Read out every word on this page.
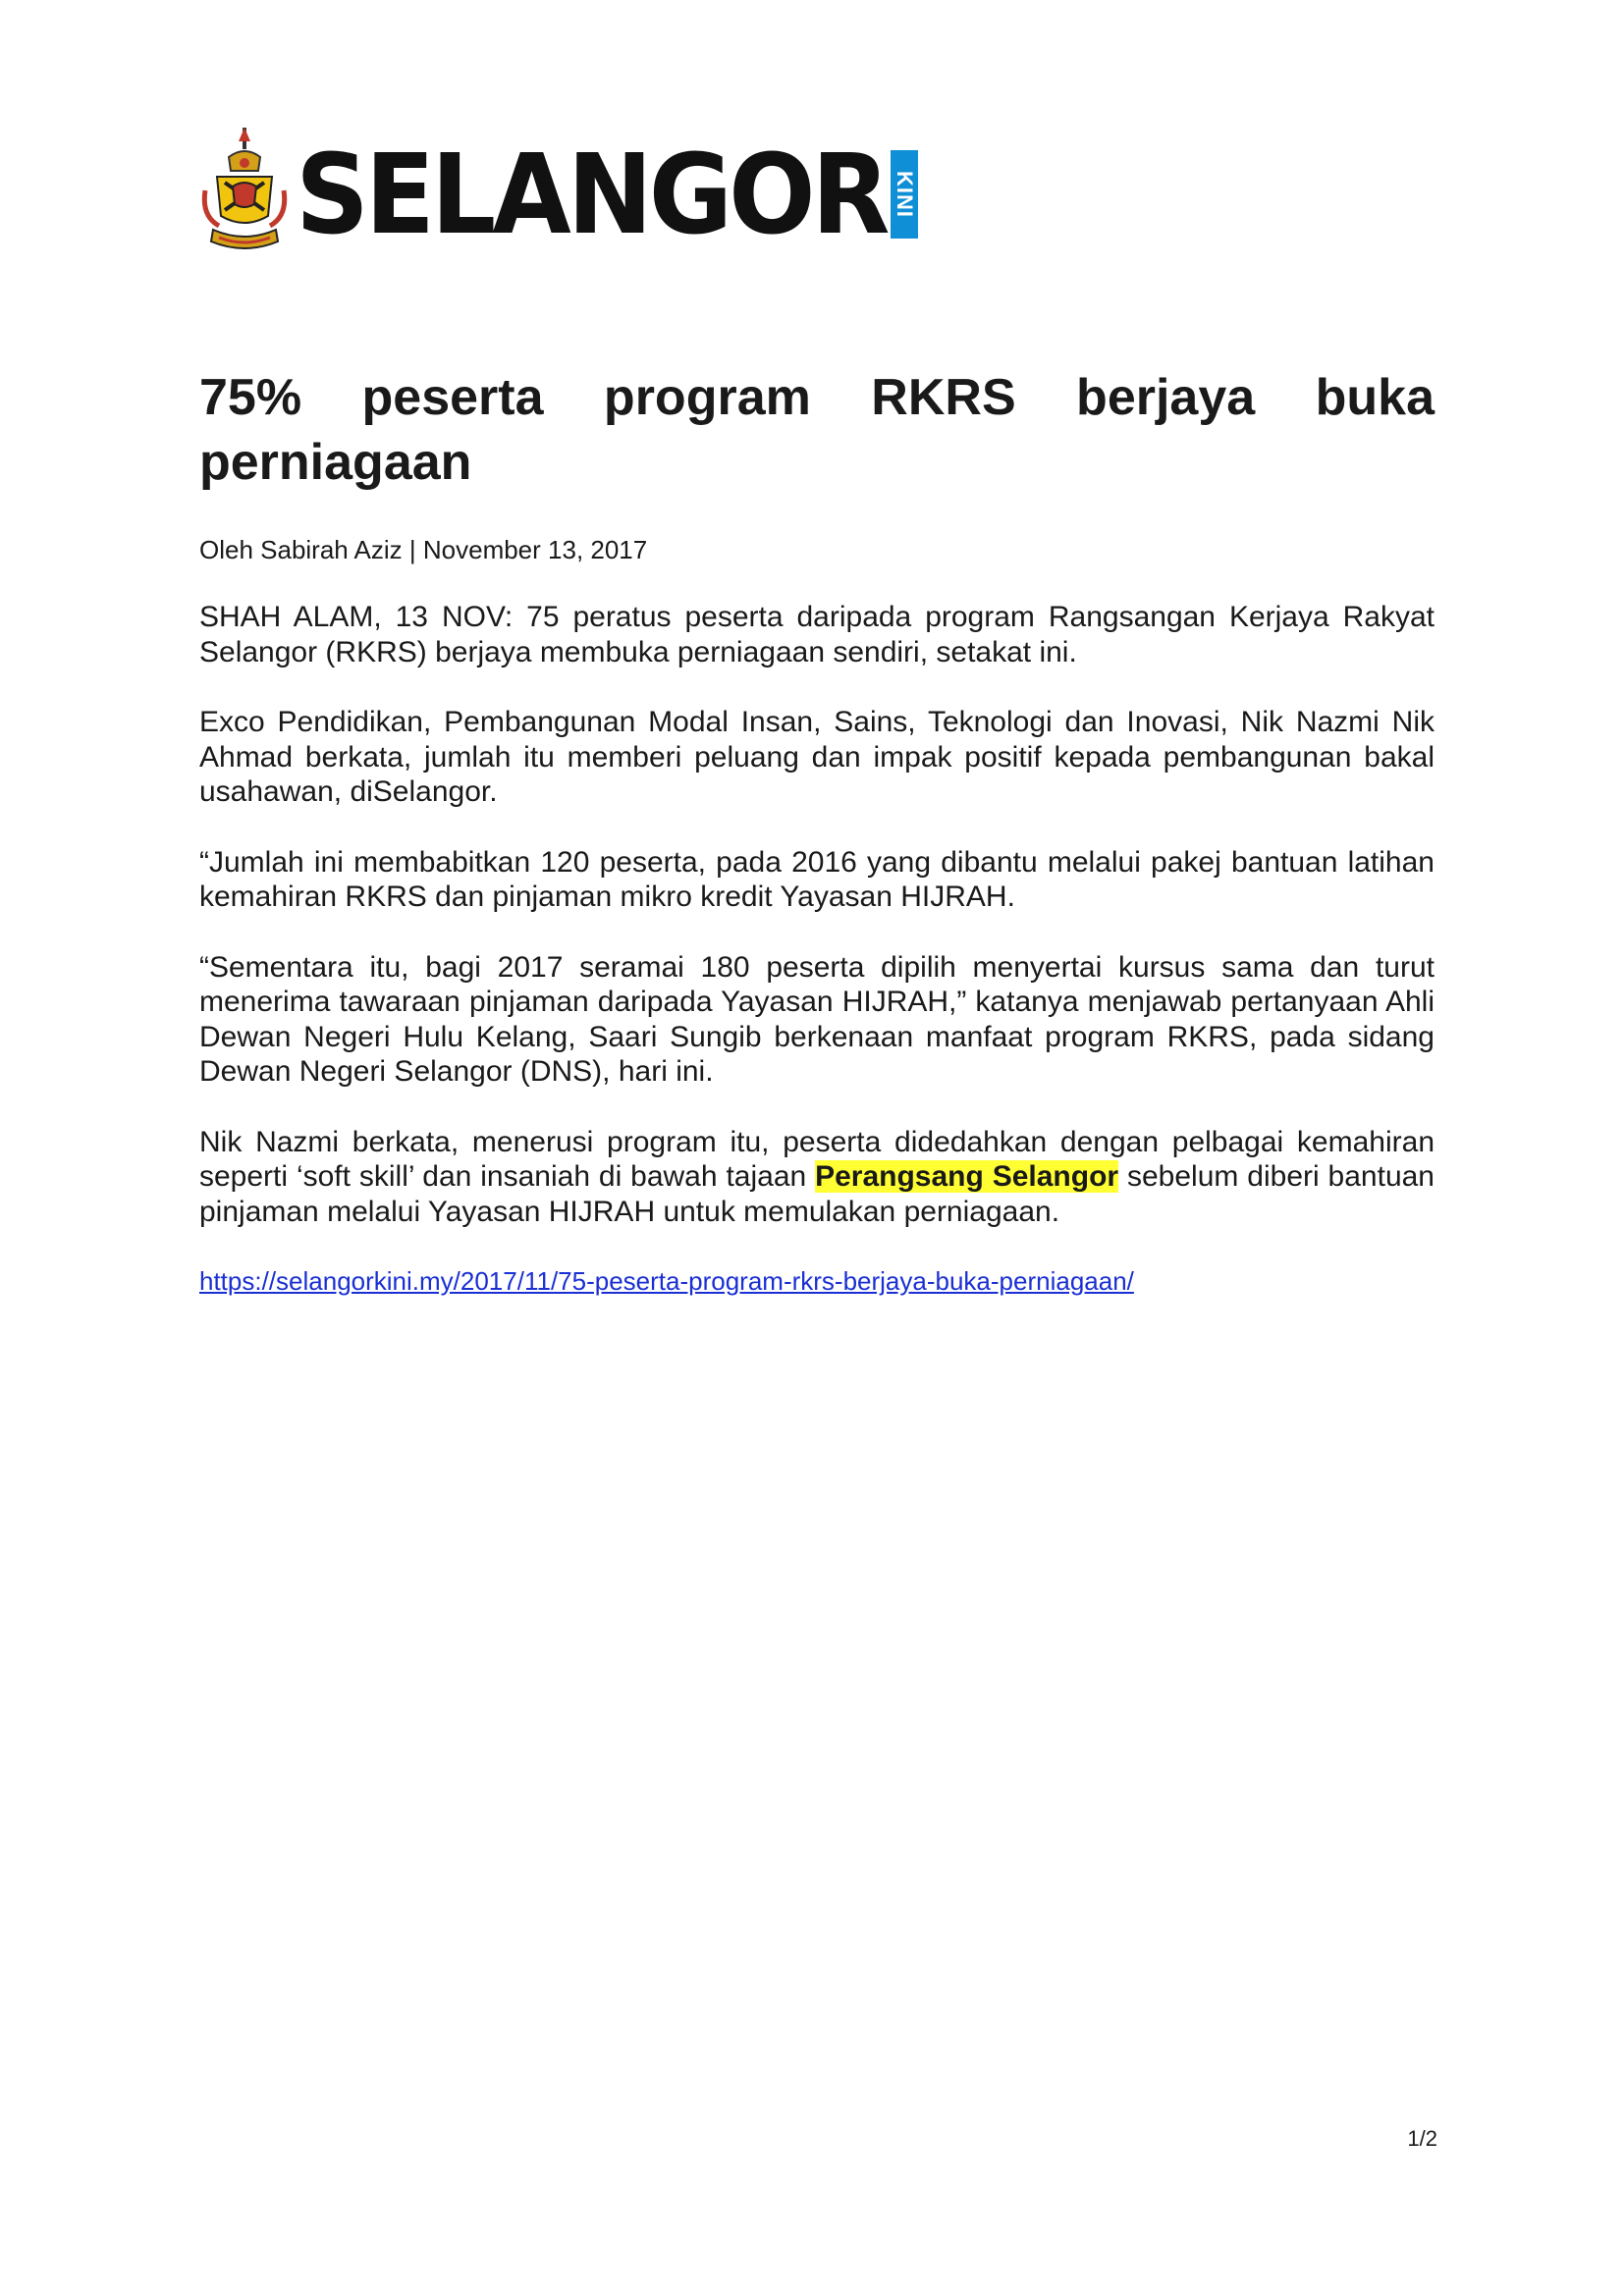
SELANGOR KINI
75% peserta program RKRS berjaya buka perniagaan

Oleh Sabirah Aziz | November 13, 2017

SHAH ALAM, 13 NOV: 75 peratus peserta daripada program Rangsangan Kerjaya Rakyat Selangor (RKRS) berjaya membuka perniagaan sendiri, setakat ini.

Exco Pendidikan, Pembangunan Modal Insan, Sains, Teknologi dan Inovasi, Nik Nazmi Nik Ahmad berkata, jumlah itu memberi peluang dan impak positif kepada pembangunan bakal usahawan, diSelangor.

“Jumlah ini membabitkan 120 peserta, pada 2016 yang dibantu melalui pakej bantuan latihan kemahiran RKRS dan pinjaman mikro kredit Yayasan HIJRAH.

“Sementara itu, bagi 2017 seramai 180 peserta dipilih menyertai kursus sama dan turut menerima tawaraan pinjaman daripada Yayasan HIJRAH,” katanya menjawab pertanyaan Ahli Dewan Negeri Hulu Kelang, Saari Sungib berkenaan manfaat program RKRS, pada sidang Dewan Negeri Selangor (DNS), hari ini.

Nik Nazmi berkata, menerusi program itu, peserta didedahkan dengan pelbagai kemahiran seperti ‘soft skill’ dan insaniah di bawah tajaan Perangsang Selangor sebelum diberi bantuan pinjaman melalui Yayasan HIJRAH untuk memulakan perniagaan.

https://selangorkini.my/2017/11/75-peserta-program-rkrs-berjaya-buka-perniagaan/
1/2
